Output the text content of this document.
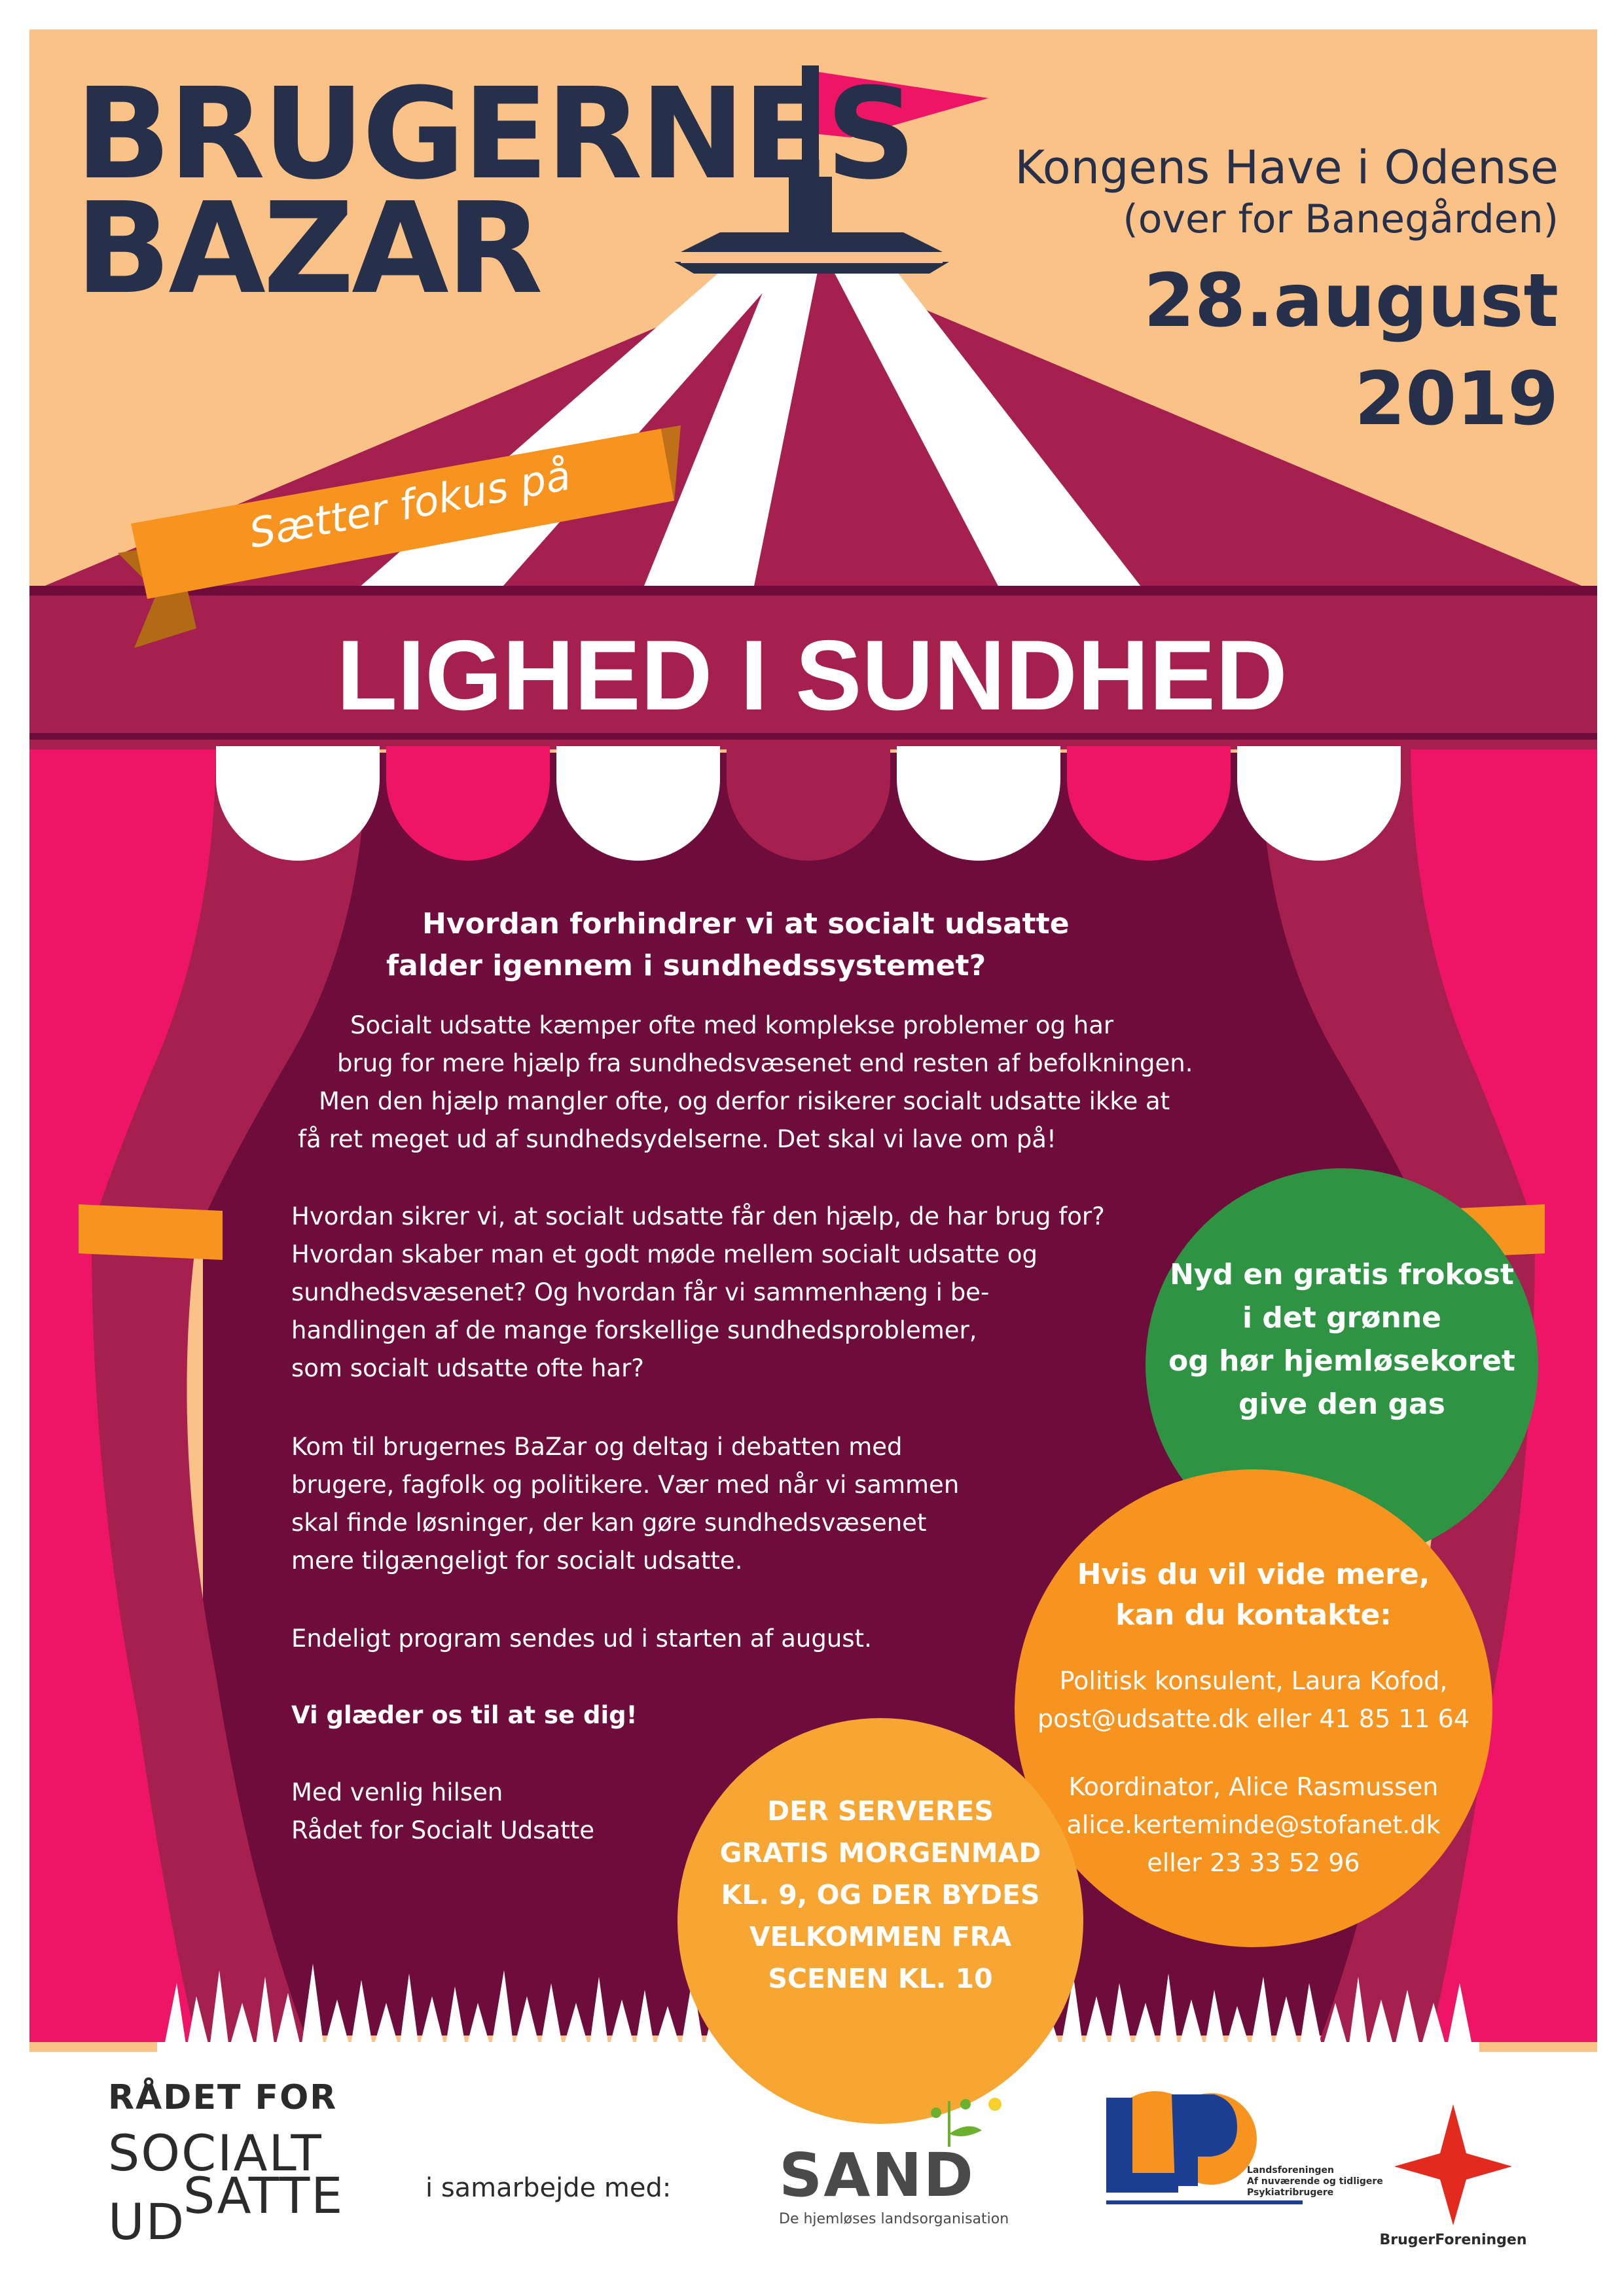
BRUGERNES
BAZAR
Kongens Have i Odense
(over for Banegården)
28.august
2019
Sætter fokus på
LIGHED I SUNDHED
Hvordan forhindrer vi at socialt udsatte
falder igennem i sundhedssystemet?
Socialt udsatte kæmper ofte med komplekse problemer og har
brug for mere hjælp fra sundhedsvæsenet end resten af befolkningen.
Men den hjælp mangler ofte, og derfor risikerer socialt udsatte ikke at
få ret meget ud af sundhedsydelserne. Det skal vi lave om på!
Hvordan sikrer vi, at socialt udsatte får den hjælp, de har brug for?
Hvordan skaber man et godt møde mellem socialt udsatte og
sundhedsvæsenet? Og hvordan får vi sammenhæng i be-
handlingen af de mange forskellige sundhedsproblemer,
som socialt udsatte ofte har?
Kom til brugernes BaZar og deltag i debatten med
brugere, fagfolk og politikere. Vær med når vi sammen
skal finde løsninger, der kan gøre sundhedsvæsenet
mere tilgængeligt for socialt udsatte.
Endeligt program sendes ud i starten af august.
Vi glæder os til at se dig!
Med venlig hilsen
Rådet for Socialt Udsatte
Nyd en gratis frokost
i det grønne
og hør hjemløsekoret
give den gas
Hvis du vil vide mere,
kan du kontakte:
Politisk konsulent, Laura Kofod,
post@udsatte.dk eller 41 85 11 64
Koordinator, Alice Rasmussen
alice.kerteminde@stofanet.dk
eller 23 33 52 96
DER SERVERES
GRATIS MORGENMAD
KL. 9, OG DER BYDES
VELKOMMEN FRA
SCENEN KL. 10
RÅDET FOR
SOCIALT
UD
SATTE	i samarbejde med: SAND
De hjemløses landsorganisation
Landsforeningen
Af nuværende og tidligere
Psykiatribrugere
BrugerForeningen
